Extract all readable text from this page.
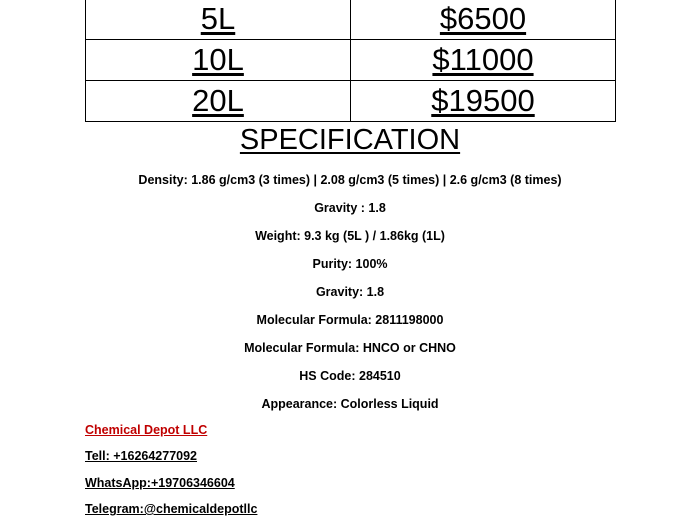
5L	$6500
10L	$11000
20L	$19500
SPECIFICATION
Density: 1.86 g/cm3 (3 times) | 2.08 g/cm3 (5 times) | 2.6 g/cm3 (8 times)
Gravity : 1.8
Weight: 9.3 kg (5L ) / 1.86kg (1L)
Purity: 100%
Gravity: 1.8
Molecular Formula: 2811198000
Molecular Formula: HNCO or CHNO
HS Code: 284510
Appearance: Colorless Liquid
Chemical Depot LLC
Tell: +16264277092
WhatsApp:+19706346604
Telegram:@chemicaldepotllc
